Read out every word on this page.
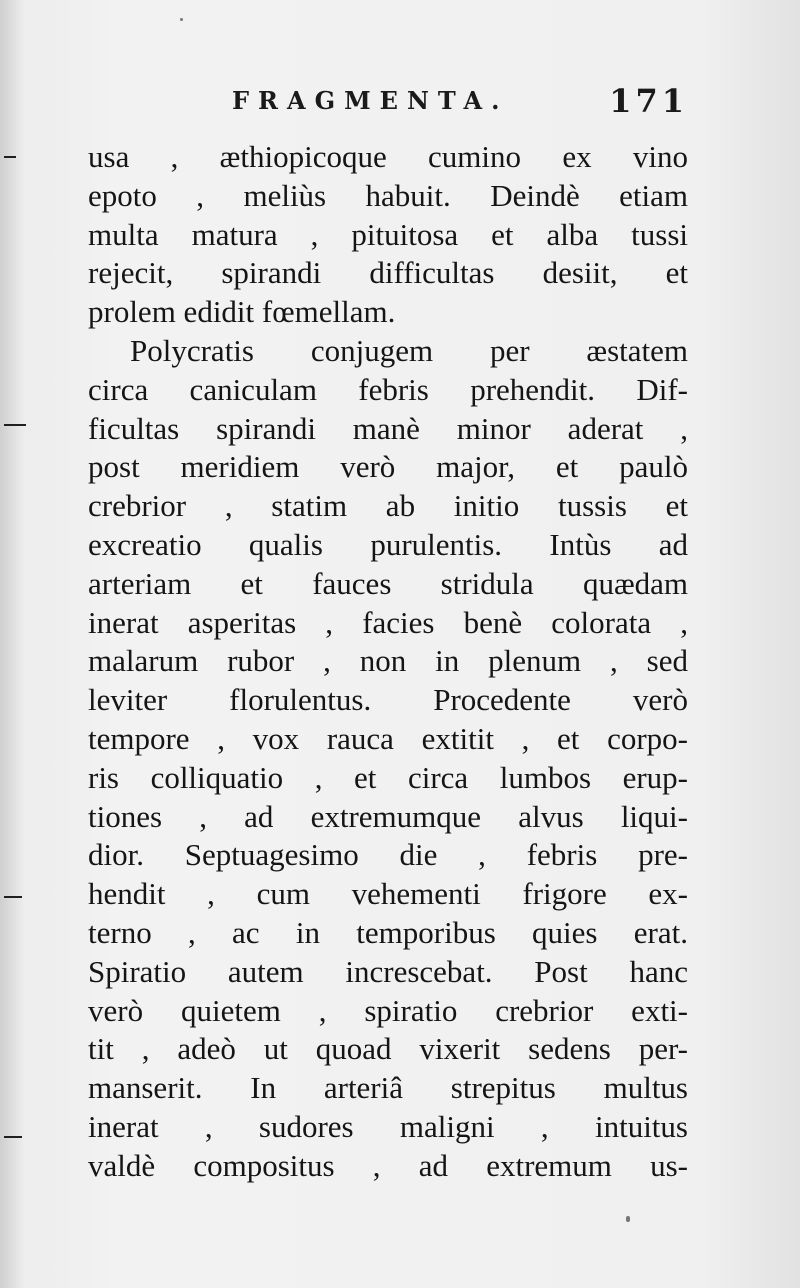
FRAGMENTA.	171
usa , æthiopicoque cumino ex vino
epoto , meliùs habuit. Deindè etiam
multa matura , pituitosa et alba tussi
rejecit, spirandi difficultas desiit, et
prolem edidit fœmellam.
Polycratis conjugem per æstatem
circa caniculam febris prehendit. Dif-
ficultas spirandi manè minor aderat ,
post meridiem verò major, et paulò
crebrior , statim ab initio tussis et
excreatio qualis purulentis. Intùs ad
arteriam et fauces stridula quædam
inerat asperitas , facies benè colorata ,
malarum rubor , non in plenum , sed
leviter florulentus. Procedente verò
tempore , vox rauca extitit , et corpo-
ris colliquatio , et circa lumbos erup-
tiones , ad extremumque alvus liqui-
dior. Septuagesimo die , febris pre-
hendit , cum vehementi frigore ex-
terno , ac in temporibus quies erat.
Spiratio autem increscebat. Post hanc
verò quietem , spiratio crebrior exti-
tit , adeò ut quoad vixerit sedens per-
manserit. In arteriâ strepitus multus
inerat , sudores maligni , intuitus
valdè compositus , ad extremum us-
